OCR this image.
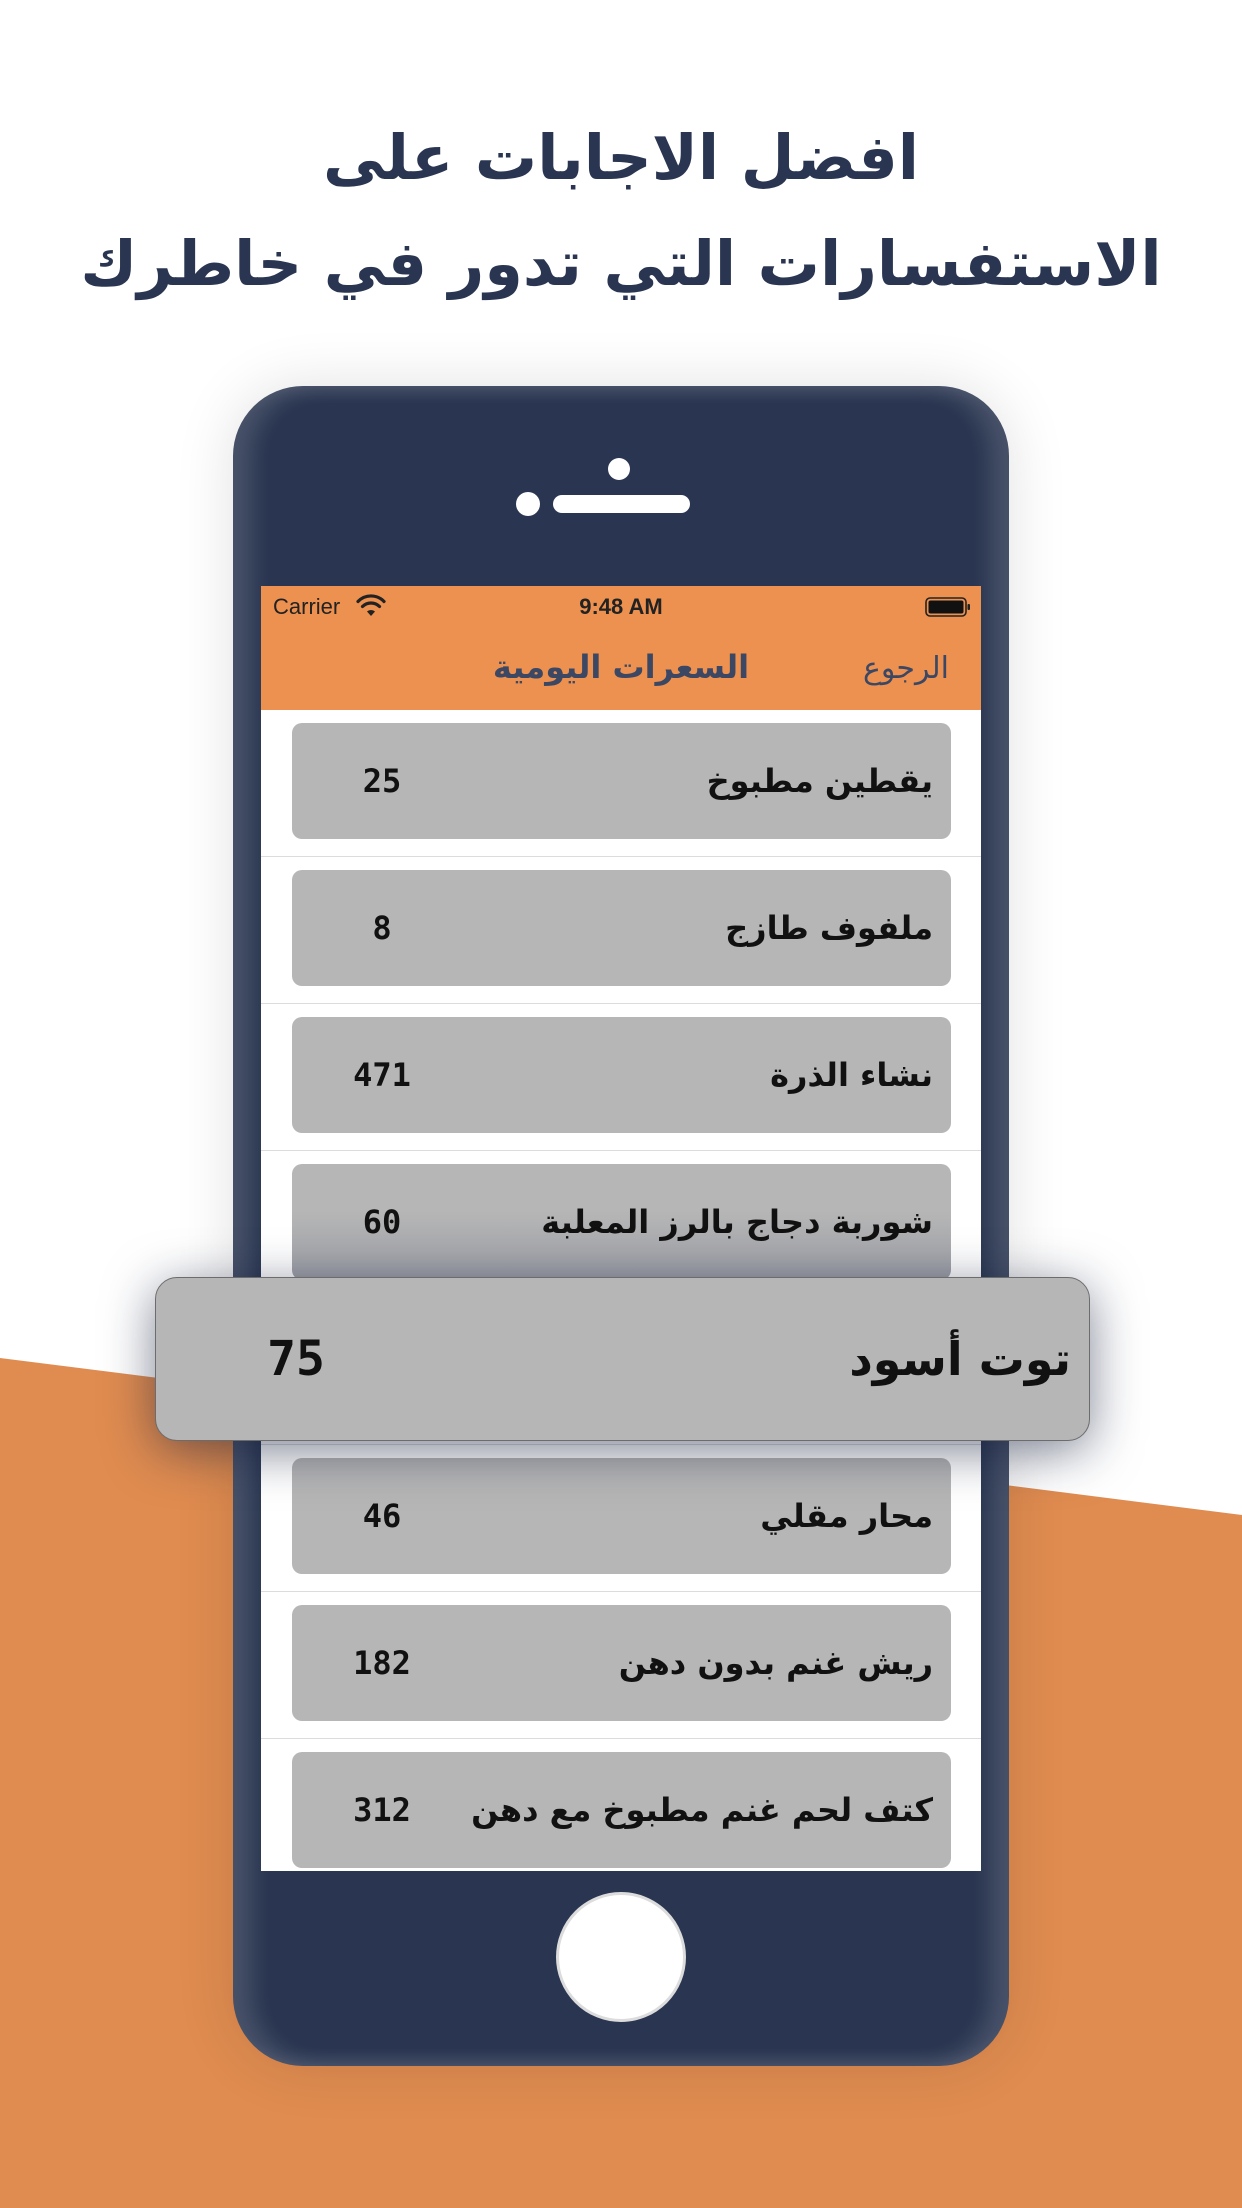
افضل الاجابات على
الاستفسارات التي تدور في خاطرك
Carrier	9:48 AM
السعرات اليومية	الرجوع
يقطين مطبوخ
25
ملفوف طازج
8
نشاء الذرة
471
شوربة دجاج بالرز المعلبة
60
محار مقلي
46
ريش غنم بدون دهن
182
كتف لحم غنم مطبوخ مع دهن
312
توت أسود
75
